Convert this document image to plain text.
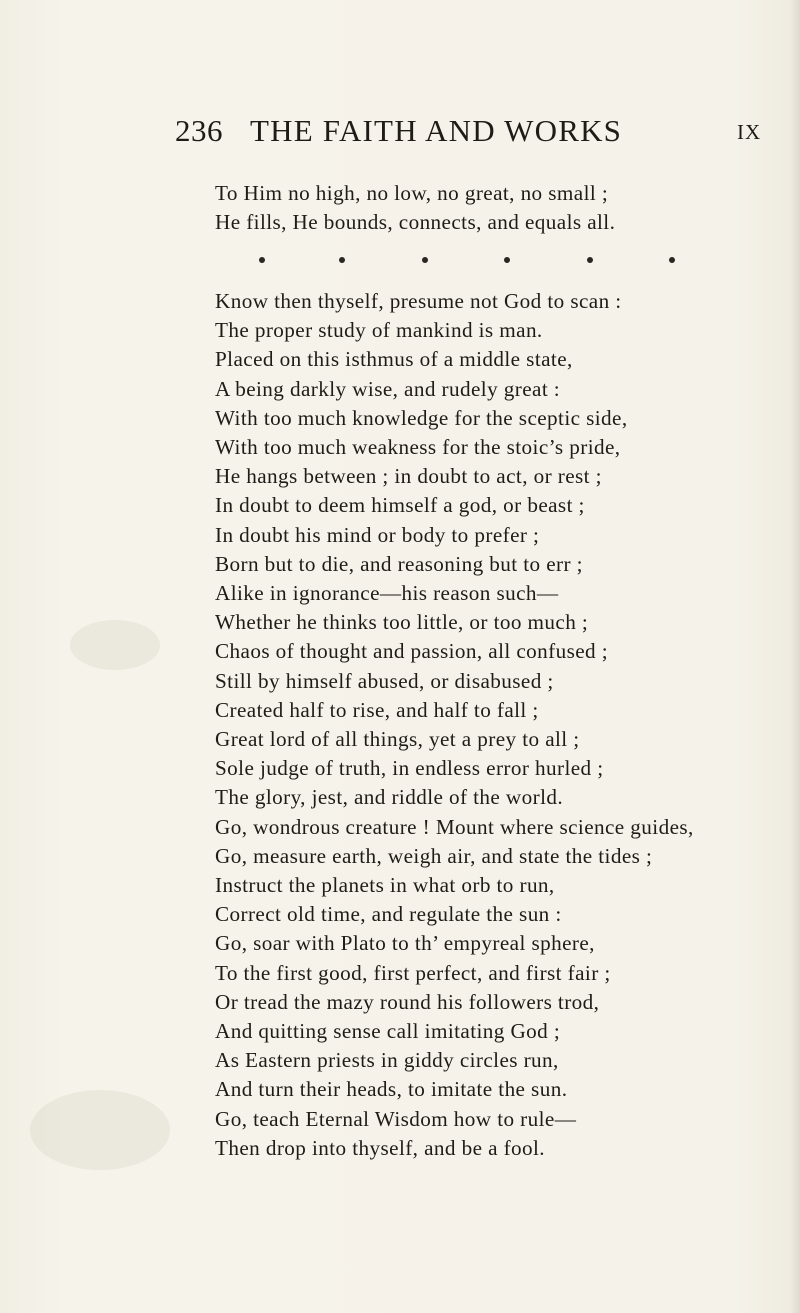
236 THE FAITH AND WORKS	IX
To Him no high, no low, no great, no small ;
He fills, He bounds, connects, and equals all.
Know then thyself, presume not God to scan :
The proper study of mankind is man.
Placed on this isthmus of a middle state,
A being darkly wise, and rudely great :
With too much knowledge for the sceptic side,
With too much weakness for the stoic’s pride,
He hangs between ; in doubt to act, or rest ;
In doubt to deem himself a god, or beast ;
In doubt his mind or body to prefer ;
Born but to die, and reasoning but to err ;
Alike in ignorance—his reason such—
Whether he thinks too little, or too much ;
Chaos of thought and passion, all confused ;
Still by himself abused, or disabused ;
Created half to rise, and half to fall ;
Great lord of all things, yet a prey to all ;
Sole judge of truth, in endless error hurled ;
The glory, jest, and riddle of the world.
Go, wondrous creature ! Mount where science guides,
Go, measure earth, weigh air, and state the tides ;
Instruct the planets in what orb to run,
Correct old time, and regulate the sun :
Go, soar with Plato to th’ empyreal sphere,
To the first good, first perfect, and first fair ;
Or tread the mazy round his followers trod,
And quitting sense call imitating God ;
As Eastern priests in giddy circles run,
And turn their heads, to imitate the sun.
Go, teach Eternal Wisdom how to rule—
Then drop into thyself, and be a fool.
